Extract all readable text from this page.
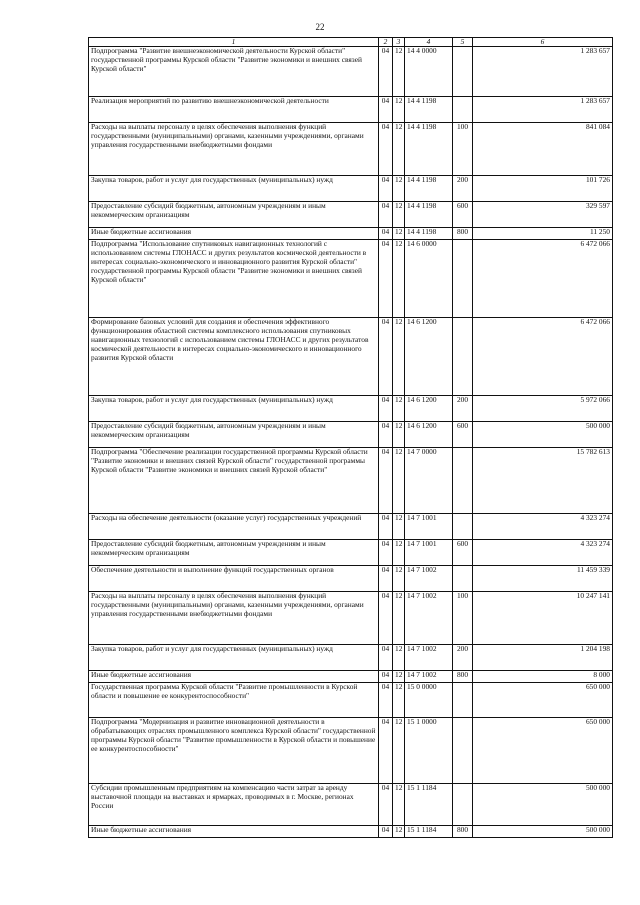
22
1	2	3	4	5	6
Подпрограмма "Развитие внешнеэкономической деятельности Курской области" государственной программы Курской области "Развитие экономики и внешних связей Курской области"	04	12	14 4 0000		1 283 657
Реализация мероприятий по развитию внешнеэкономической деятельности	04	12	14 4 1198		1 283 657
Расходы на выплаты персоналу в целях обеспечения выполнения функций государственными (муниципальными) органами, казенными учреждениями, органами управления государственными внебюджетными фондами	04	12	14 4 1198	100	841 084
Закупка товаров, работ и услуг для государственных (муниципальных) нужд	04	12	14 4 1198	200	101 726
Предоставление субсидий бюджетным, автономным учреждениям и иным некоммерческим организациям	04	12	14 4 1198	600	329 597
Иные бюджетные ассигнования	04	12	14 4 1198	800	11 250
Подпрограмма "Использование спутниковых навигационных технологий с использованием системы ГЛОНАСС и других результатов космической деятельности в интересах социально-экономического и инновационного развития Курской области" государственной программы Курской области "Развитие экономики и внешних связей Курской области"	04	12	14 6 0000		6 472 066
Формирование базовых условий для создания и обеспечения эффективного функционирования областной системы комплексного использования спутниковых навигационных технологий с использованием системы ГЛОНАСС и других результатов космической деятельности в интересах социально-экономического и инновационного развития Курской области	04	12	14 6 1200		6 472 066
Закупка товаров, работ и услуг для государственных (муниципальных) нужд	04	12	14 6 1200	200	5 972 066
Предоставление субсидий бюджетным, автономным учреждениям и иным некоммерческим организациям	04	12	14 6 1200	600	500 000
Подпрограмма "Обеспечение реализации государственной программы Курской области "Развитие экономики и внешних связей Курской области" государственной программы Курской области "Развитие экономики и внешних связей Курской области"	04	12	14 7 0000		15 782 613
Расходы на обеспечение деятельности (оказание услуг) государственных учреждений	04	12	14 7 1001		4 323 274
Предоставление субсидий бюджетным, автономным учреждениям и иным некоммерческим организациям	04	12	14 7 1001	600	4 323 274
Обеспечение деятельности и выполнение функций государственных органов	04	12	14 7 1002		11 459 339
Расходы на выплаты персоналу в целях обеспечения выполнения функций государственными (муниципальными) органами, казенными учреждениями, органами управления государственными внебюджетными фондами	04	12	14 7 1002	100	10 247 141
Закупка товаров, работ и услуг для государственных (муниципальных) нужд	04	12	14 7 1002	200	1 204 198
Иные бюджетные ассигнования	04	12	14 7 1002	800	8 000
Государственная программа Курской области "Развитие промышленности в Курской области и повышение ее конкурентоспособности"	04	12	15 0 0000		650 000
Подпрограмма "Модернизация и развитие инновационной деятельности в обрабатывающих отраслях промышленного комплекса Курской области" государственной программы Курской области "Развитие промышленности в Курской области и повышение ее конкурентоспособности"	04	12	15 1 0000		650 000
Субсидии промышленным предприятиям на компенсацию части затрат за аренду выставочной площади на выставках и ярмарках, проводимых в г. Москве, регионах России	04	12	15 1 1184		500 000
Иные бюджетные ассигнования	04	12	15 1 1184	800	500 000
